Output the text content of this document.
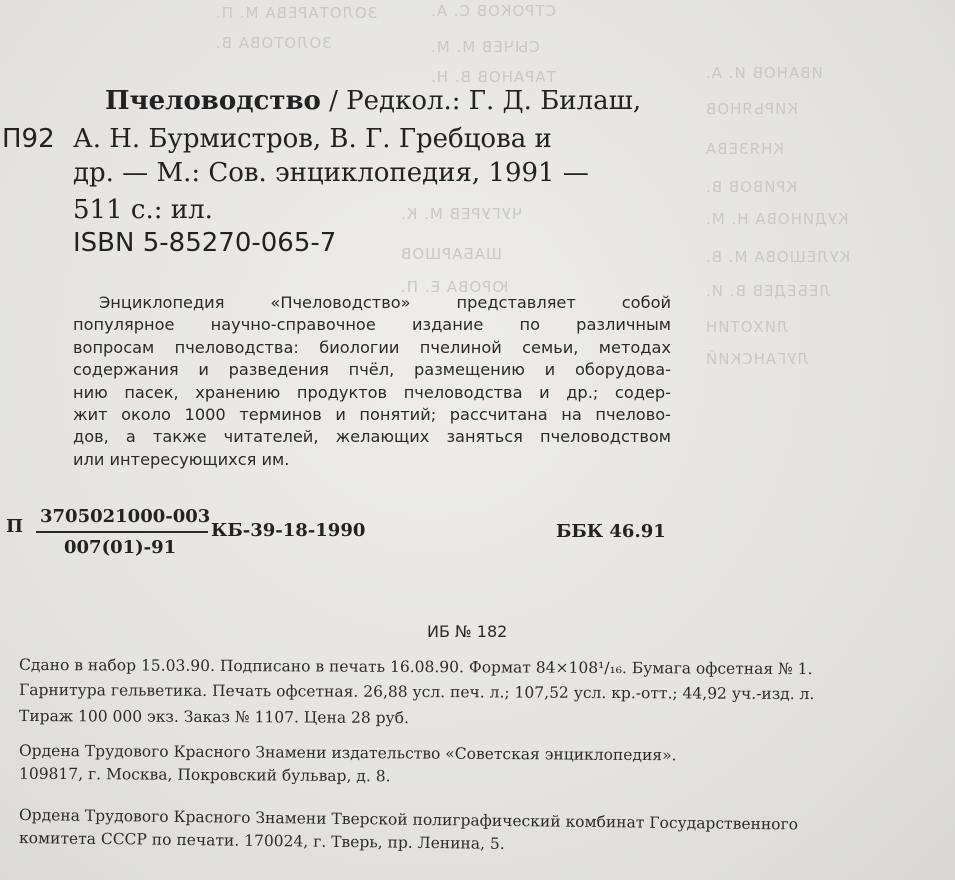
ЗОЛОТАРЕВА М. П.	СТРОКОВ С. А.
ЗОЛОТОВА В.	СЫЧЕВ М. М.
ИВАНОВ И. А.
ТАРАНОВ В. Н.
КИРЬЯНОВ
КНЯЗЕВА
КРИВОВ В.
КУДИНОВА Н. М.
ЧУГУРЕВ М. К.
КУЛЕШОВА М. В.
ШАБАРШОВ
ЛЕБЕДЕВ В. И.
ЮРОВА Е. П.
ЛИХОТИН
ЛУГАНСКИЙ
Пчеловодство / Редкол.: Г. Д. Билаш,
П92 А. Н. Бурмистров, В. Г. Гребцова и
др. — М.: Сов. энциклопедия, 1991 —
511 с.: ил.
ISBN 5-85270-065-7
Энциклопедия «Пчеловодство» представляет собой
популярное научно-справочное издание по различным
вопросам пчеловодства: биологии пчелиной семьи, методах
содержания и разведения пчёл, размещению и оборудова-
нию пасек, хранению продуктов пчеловодства и др.; содер-
жит около 1000 терминов и понятий; рассчитана на пчелово-
дов, а также читателей, желающих заняться пчеловодством
или интересующихся им.
П 3705021000-003
007(01)-91
КБ-39-18-1990	ББК 46.91
ИБ № 182
Сдано в набор 15.03.90. Подписано в печать 16.08.90. Формат 84×108¹/₁₆. Бумага офсетная № 1.
Гарнитура гельветика. Печать офсетная. 26,88 усл. печ. л.; 107,52 усл. кр.-отт.; 44,92 уч.-изд. л.
Тираж 100 000 экз. Заказ № 1107. Цена 28 руб.
Ордена Трудового Красного Знамени издательство «Советская энциклопедия».
109817, г. Москва, Покровский бульвар, д. 8.
Ордена Трудового Красного Знамени Тверской полиграфический комбинат Государственного
комитета СССР по печати. 170024, г. Тверь, пр. Ленина, 5.
